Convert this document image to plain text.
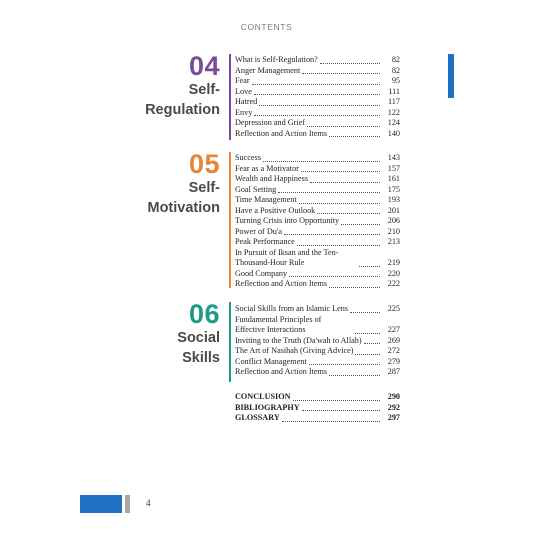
CONTENTS
04
Self-
Regulation
What is Self-Regulation?	82
Anger Management	82
Fear	95
Love	111
Hatred	117
Envy	122
Depression and Grief	124
Reflection and Action Items	140
05
Self-
Motivation
Success	143
Fear as a Motivator	157
Wealth and Happiness	161
Goal Setting	175
Time Management	193
Have a Positive Outlook	201
Turning Crisis into Opportunity	206
Power of Du'a	210
Peak Performance	213
In Pursuit of Iksan and the Ten-Thousand-Hour Rule	219
Good Company	220
Reflection and Action Items	222
06
Social
Skills
Social Skills from an Islamic Lens	225
Fundamental Principles of Effective Interactions	227
Inviting to the Truth (Da'wah to Allah)	269
The Art of Nasihah (Giving Advice)	272
Conflict Management	279
Reflection and Action Items	287
CONCLUSION	290
BIBLIOGRAPHY	292
GLOSSARY	297
4
